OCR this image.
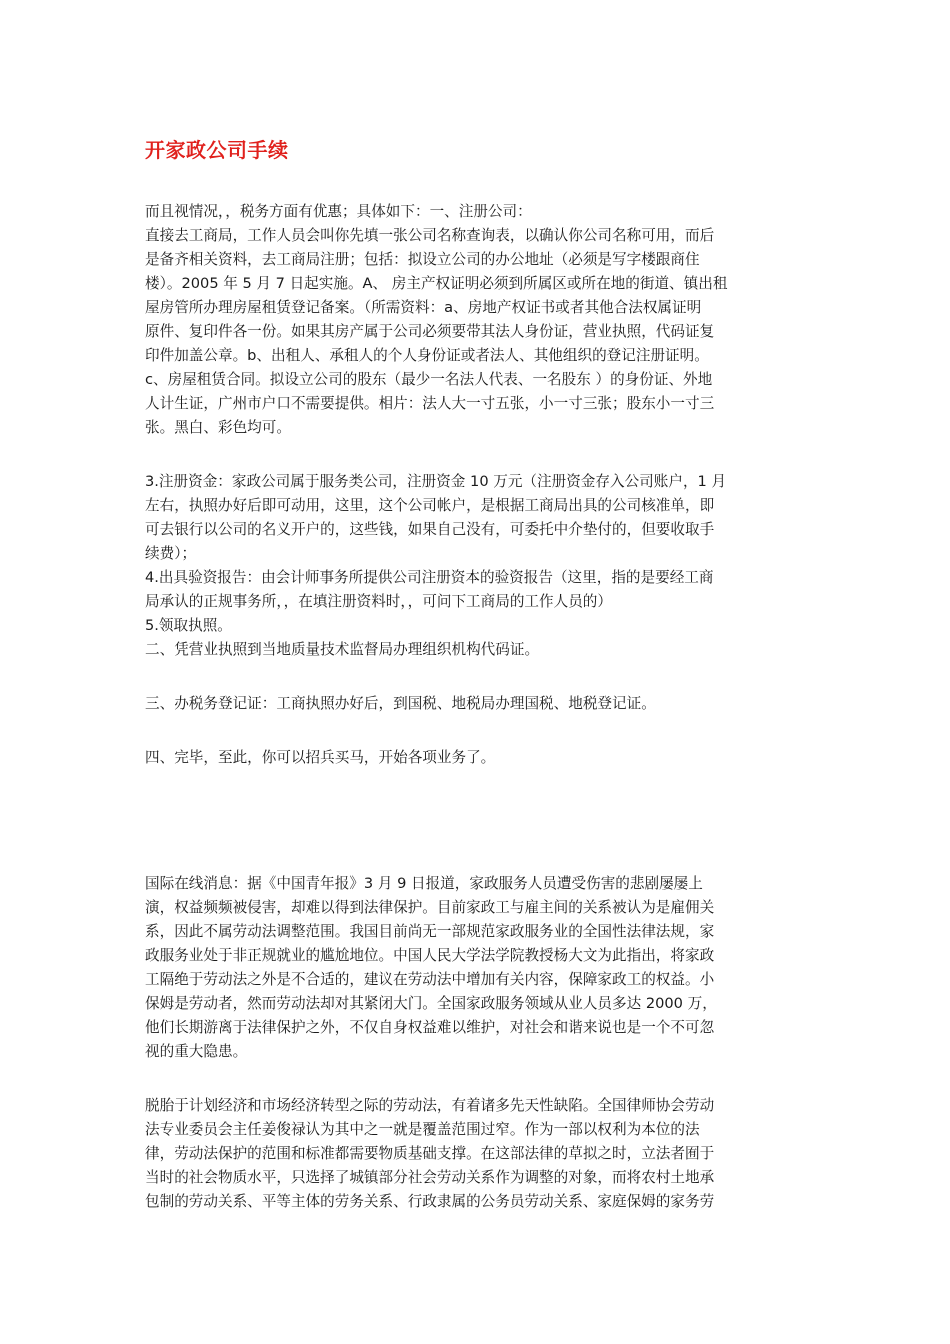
开家政公司手续
而且视情况，，税务方面有优惠；具体如下：一、注册公司：
直接去工商局，工作人员会叫你先填一张公司名称查询表，以确认你公司名称可用，而后
是备齐相关资料，去工商局注册；包括：拟设立公司的办公地址（必须是写字楼跟商住
楼）。2005 年 5 月 7 日起实施。A、 房主产权证明必须到所属区或所在地的街道、镇出租
屋房管所办理房屋租赁登记备案。（所需资料：a、房地产权证书或者其他合法权属证明
原件、复印件各一份。如果其房产属于公司必须要带其法人身份证，营业执照，代码证复
印件加盖公章。b、出租人、承租人的个人身份证或者法人、其他组织的登记注册证明。
c、房屋租赁合同。拟设立公司的股东（最少一名法人代表、一名股东 ）的身份证、外地
人计生证，广州市户口不需要提供。相片：法人大一寸五张，小一寸三张；股东小一寸三
张。黑白、彩色均可。
3.注册资金：家政公司属于服务类公司，注册资金 10 万元（注册资金存入公司账户，1 月
左右，执照办好后即可动用，这里，这个公司帐户，是根据工商局出具的公司核准单，即
可去银行以公司的名义开户的，这些钱，如果自己没有，可委托中介垫付的，但要收取手
续费）；
4.出具验资报告：由会计师事务所提供公司注册资本的验资报告（这里，指的是要经工商
局承认的正规事务所，，在填注册资料时，，可问下工商局的工作人员的）
5.领取执照。
二、凭营业执照到当地质量技术监督局办理组织机构代码证。
三、办税务登记证：工商执照办好后，到国税、地税局办理国税、地税登记证。
四、完毕，至此，你可以招兵买马，开始各项业务了。
国际在线消息：据《中国青年报》3 月 9 日报道，家政服务人员遭受伤害的悲剧屡屡上
演，权益频频被侵害，却难以得到法律保护。目前家政工与雇主间的关系被认为是雇佣关
系，因此不属劳动法调整范围。我国目前尚无一部规范家政服务业的全国性法律法规，家
政服务业处于非正规就业的尴尬地位。中国人民大学法学院教授杨大文为此指出，将家政
工隔绝于劳动法之外是不合适的，建议在劳动法中增加有关内容，保障家政工的权益。小
保姆是劳动者，然而劳动法却对其紧闭大门。全国家政服务领域从业人员多达 2000 万，
他们长期游离于法律保护之外，不仅自身权益难以维护，对社会和谐来说也是一个不可忽
视的重大隐患。
脱胎于计划经济和市场经济转型之际的劳动法，有着诸多先天性缺陷。全国律师协会劳动
法专业委员会主任姜俊禄认为其中之一就是覆盖范围过窄。作为一部以权利为本位的法
律，劳动法保护的范围和标准都需要物质基础支撑。在这部法律的草拟之时，立法者囿于
当时的社会物质水平，只选择了城镇部分社会劳动关系作为调整的对象，而将农村土地承
包制的劳动关系、平等主体的劳务关系、行政隶属的公务员劳动关系、家庭保姆的家务劳
